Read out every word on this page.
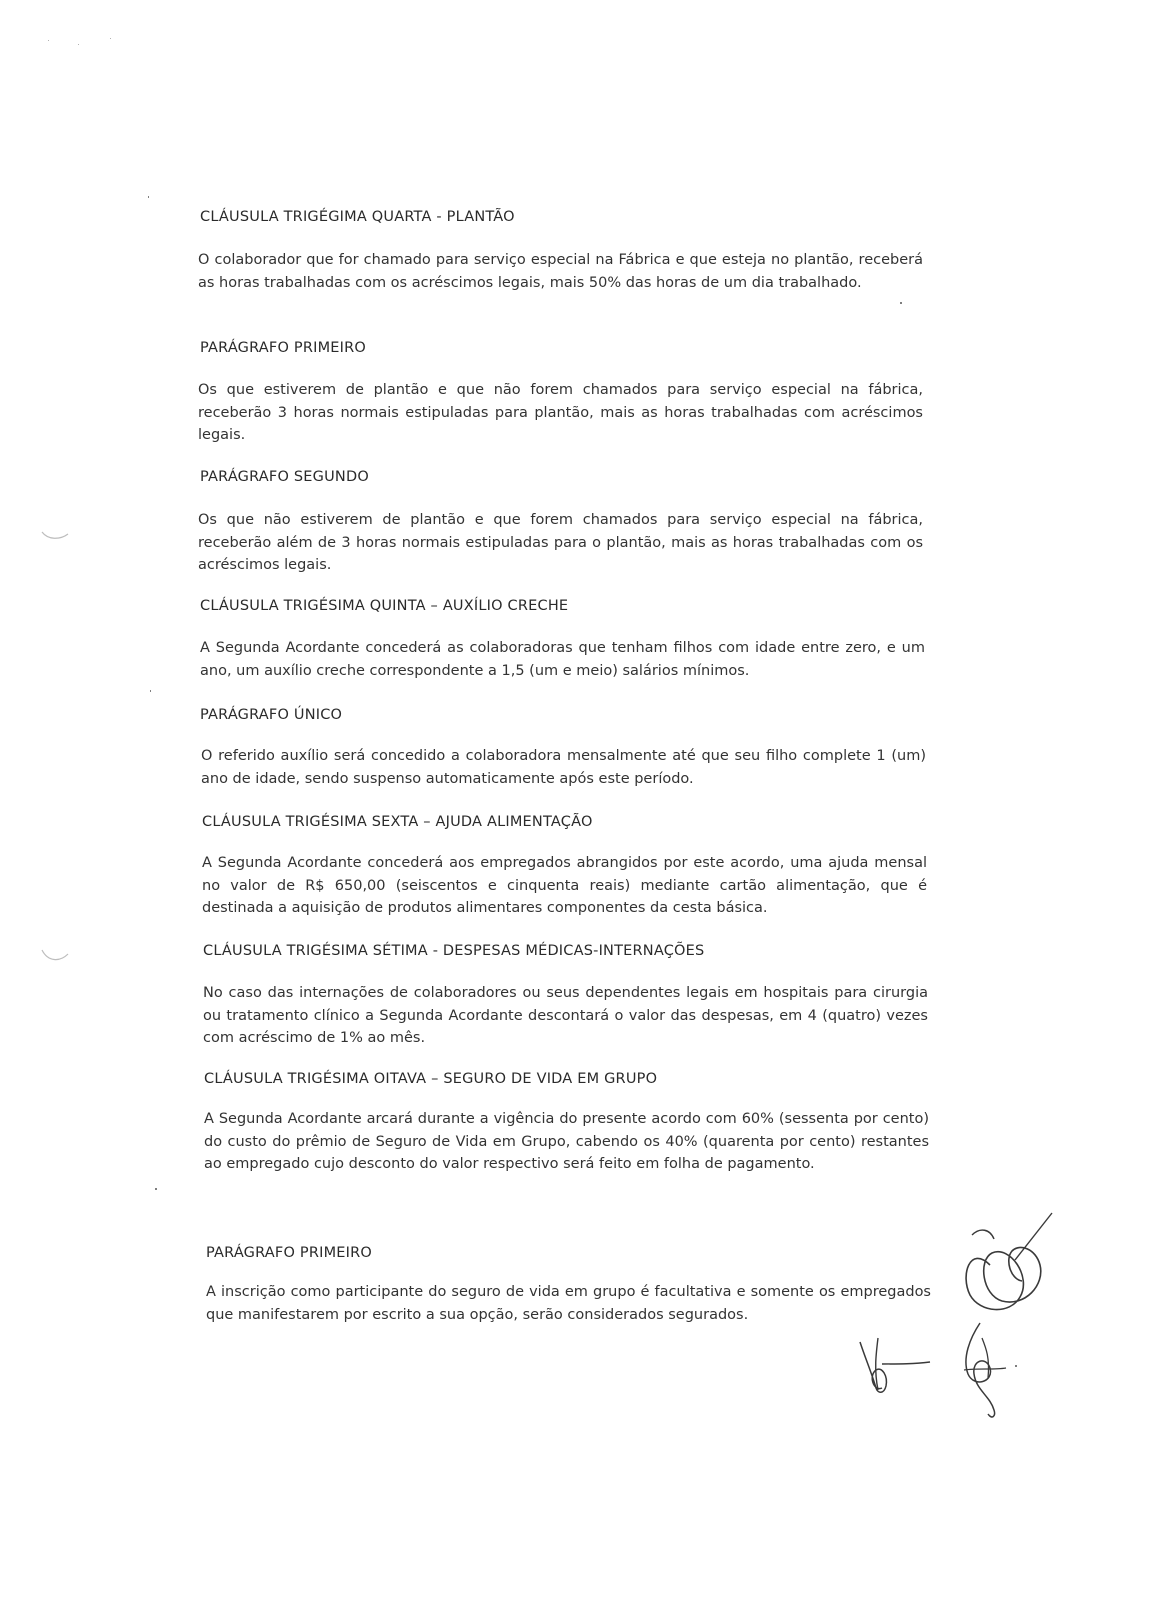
CLÁUSULA TRIGÉGIMA QUARTA - PLANTÃO

O colaborador que for chamado para serviço especial na Fábrica e que esteja no plantão, receberá as horas trabalhadas com os acréscimos legais, mais 50% das horas de um dia trabalhado.

PARÁGRAFO PRIMEIRO

Os que estiverem de plantão e que não forem chamados para serviço especial na fábrica, receberão 3 horas normais estipuladas para plantão, mais as horas trabalhadas com acréscimos legais.

PARÁGRAFO SEGUNDO

Os que não estiverem de plantão e que forem chamados para serviço especial na fábrica, receberão além de 3 horas normais estipuladas para o plantão, mais as horas trabalhadas com os acréscimos legais.

CLÁUSULA TRIGÉSIMA QUINTA – AUXÍLIO CRECHE

A Segunda Acordante concederá as colaboradoras que tenham filhos com idade entre zero, e um ano, um auxílio creche correspondente a 1,5 (um e meio) salários mínimos.

PARÁGRAFO ÚNICO

O referido auxílio será concedido a colaboradora mensalmente até que seu filho complete 1 (um) ano de idade, sendo suspenso automaticamente após este período.

CLÁUSULA TRIGÉSIMA SEXTA – AJUDA ALIMENTAÇÃO

A Segunda Acordante concederá aos empregados abrangidos por este acordo, uma ajuda mensal no valor de R$ 650,00 (seiscentos e cinquenta reais) mediante cartão alimentação, que é destinada a aquisição de produtos alimentares componentes da cesta básica.

CLÁUSULA TRIGÉSIMA SÉTIMA - DESPESAS MÉDICAS-INTERNAÇÕES

No caso das internações de colaboradores ou seus dependentes legais em hospitais para cirurgia ou tratamento clínico a Segunda Acordante descontará o valor das despesas, em 4 (quatro) vezes com acréscimo de 1% ao mês.

CLÁUSULA TRIGÉSIMA OITAVA – SEGURO DE VIDA EM GRUPO

A Segunda Acordante arcará durante a vigência do presente acordo com 60% (sessenta por cento) do custo do prêmio de Seguro de Vida em Grupo, cabendo os 40% (quarenta por cento) restantes ao empregado cujo desconto do valor respectivo será feito em folha de pagamento.

PARÁGRAFO PRIMEIRO

A inscrição como participante do seguro de vida em grupo é facultativa e somente os empregados que manifestarem por escrito a sua opção, serão considerados segurados.
